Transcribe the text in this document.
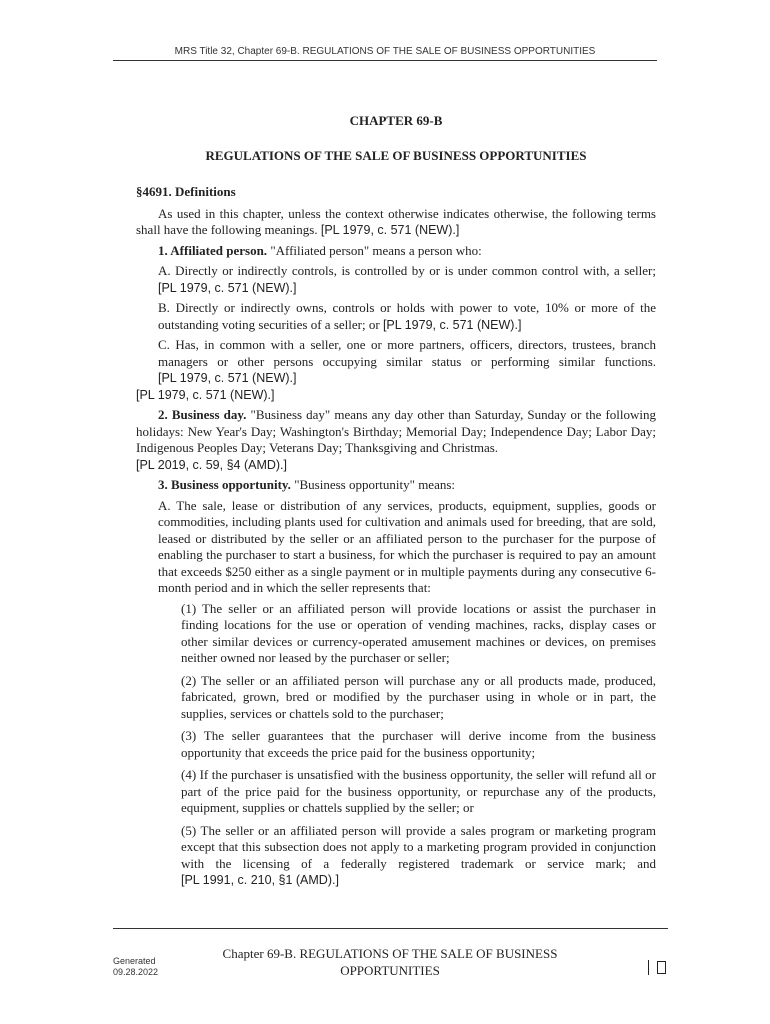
MRS Title 32, Chapter 69-B. REGULATIONS OF THE SALE OF BUSINESS OPPORTUNITIES
CHAPTER 69-B
REGULATIONS OF THE SALE OF BUSINESS OPPORTUNITIES
§4691. Definitions

As used in this chapter, unless the context otherwise indicates otherwise, the following terms shall have the following meanings. [PL 1979, c. 571 (NEW).]

1. Affiliated person. "Affiliated person" means a person who:

A. Directly or indirectly controls, is controlled by or is under common control with, a seller; [PL 1979, c. 571 (NEW).]

B. Directly or indirectly owns, controls or holds with power to vote, 10% or more of the outstanding voting securities of a seller; or [PL 1979, c. 571 (NEW).]

C. Has, in common with a seller, one or more partners, officers, directors, trustees, branch managers or other persons occupying similar status or performing similar functions. [PL 1979, c. 571 (NEW).]

[PL 1979, c. 571 (NEW).]

2. Business day. "Business day" means any day other than Saturday, Sunday or the following holidays: New Year's Day; Washington's Birthday; Memorial Day; Independence Day; Labor Day; Indigenous Peoples Day; Veterans Day; Thanksgiving and Christmas.

[PL 2019, c. 59, §4 (AMD).]

3. Business opportunity. "Business opportunity" means:

A. The sale, lease or distribution of any services, products, equipment, supplies, goods or commodities, including plants used for cultivation and animals used for breeding, that are sold, leased or distributed by the seller or an affiliated person to the purchaser for the purpose of enabling the purchaser to start a business, for which the purchaser is required to pay an amount that exceeds $250 either as a single payment or in multiple payments during any consecutive 6-month period and in which the seller represents that:

(1) The seller or an affiliated person will provide locations or assist the purchaser in finding locations for the use or operation of vending machines, racks, display cases or other similar devices or currency-operated amusement machines or devices, on premises neither owned nor leased by the purchaser or seller;

(2) The seller or an affiliated person will purchase any or all products made, produced, fabricated, grown, bred or modified by the purchaser using in whole or in part, the supplies, services or chattels sold to the purchaser;

(3) The seller guarantees that the purchaser will derive income from the business opportunity that exceeds the price paid for the business opportunity;

(4) If the purchaser is unsatisfied with the business opportunity, the seller will refund all or part of the price paid for the business opportunity, or repurchase any of the products, equipment, supplies or chattels supplied by the seller; or

(5) The seller or an affiliated person will provide a sales program or marketing program except that this subsection does not apply to a marketing program provided in conjunction with the licensing of a federally registered trademark or service mark; and [PL 1991, c. 210, §1 (AMD).]

Generated
09.28.2022
Chapter 69-B. REGULATIONS OF THE SALE OF BUSINESS OPPORTUNITIES
